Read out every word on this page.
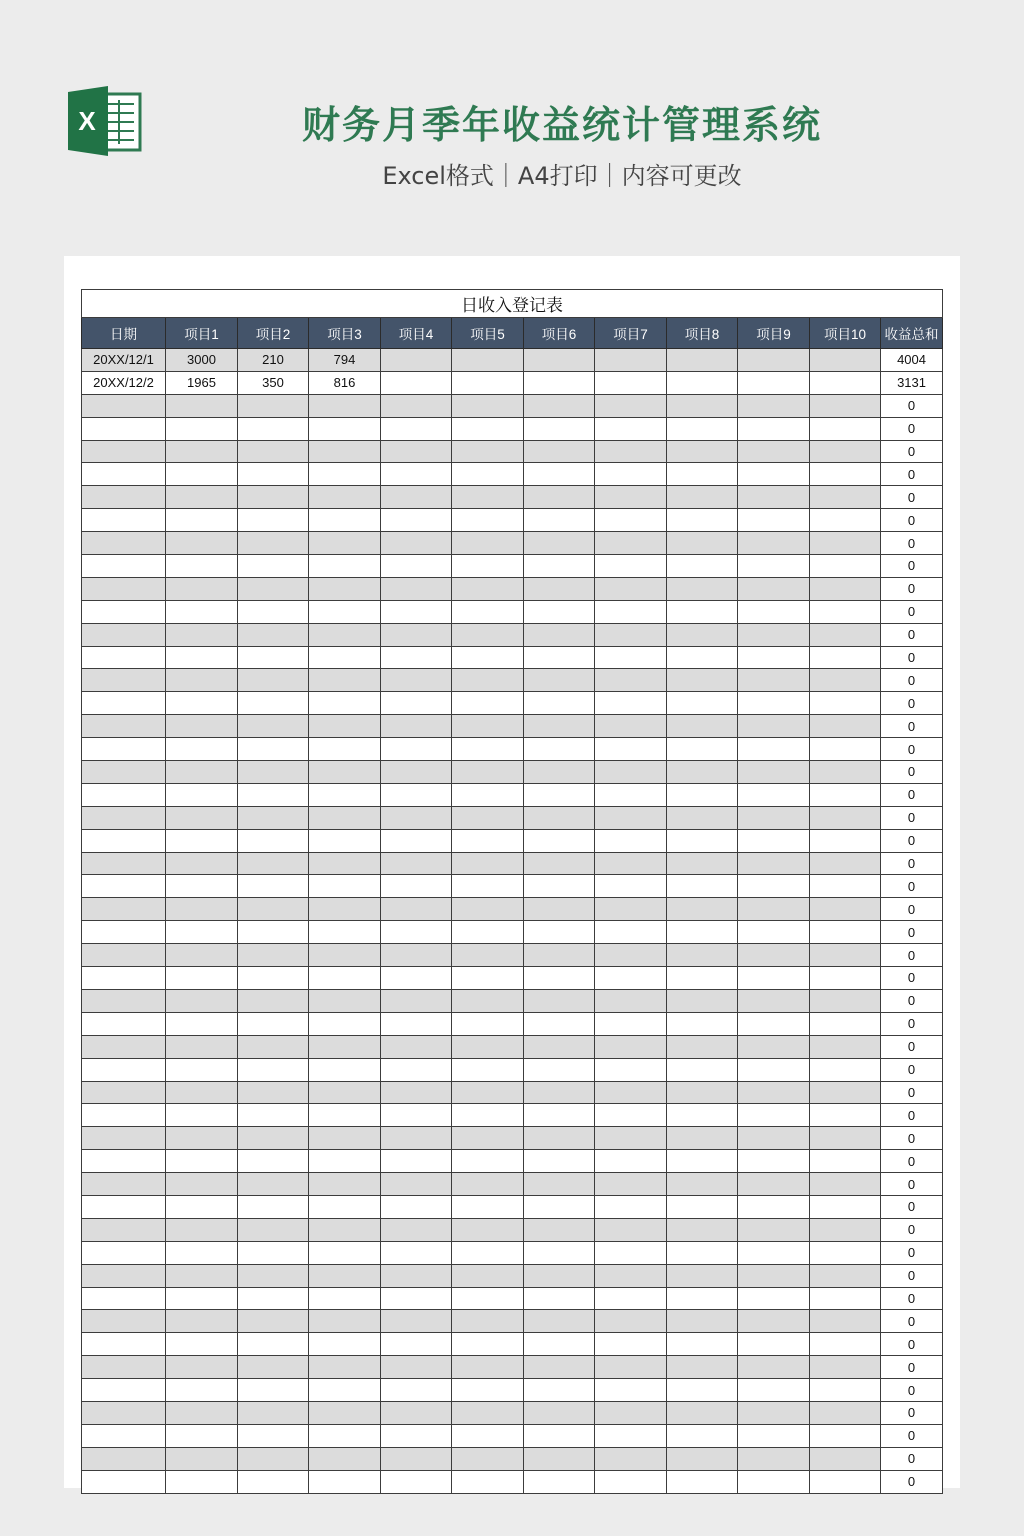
X	财务月季年收益统计管理系统
Excel格式｜A4打印｜内容可更改
日收入登记表											
日期	项目1	项目2	项目3	项目4	项目5	项目6	项目7	项目8	项目9	项目10	收益总和
20XX/12/1	3000	210	794								4004
20XX/12/2	1965	350	816								3131
											0
											0
											0
											0
											0
											0
											0
											0
											0
											0
											0
											0
											0
											0
											0
											0
											0
											0
											0
											0
											0
											0
											0
											0
											0
											0
											0
											0
											0
											0
											0
											0
											0
											0
											0
											0
											0
											0
											0
											0
											0
											0
											0
											0
											0
											0
											0
											0
